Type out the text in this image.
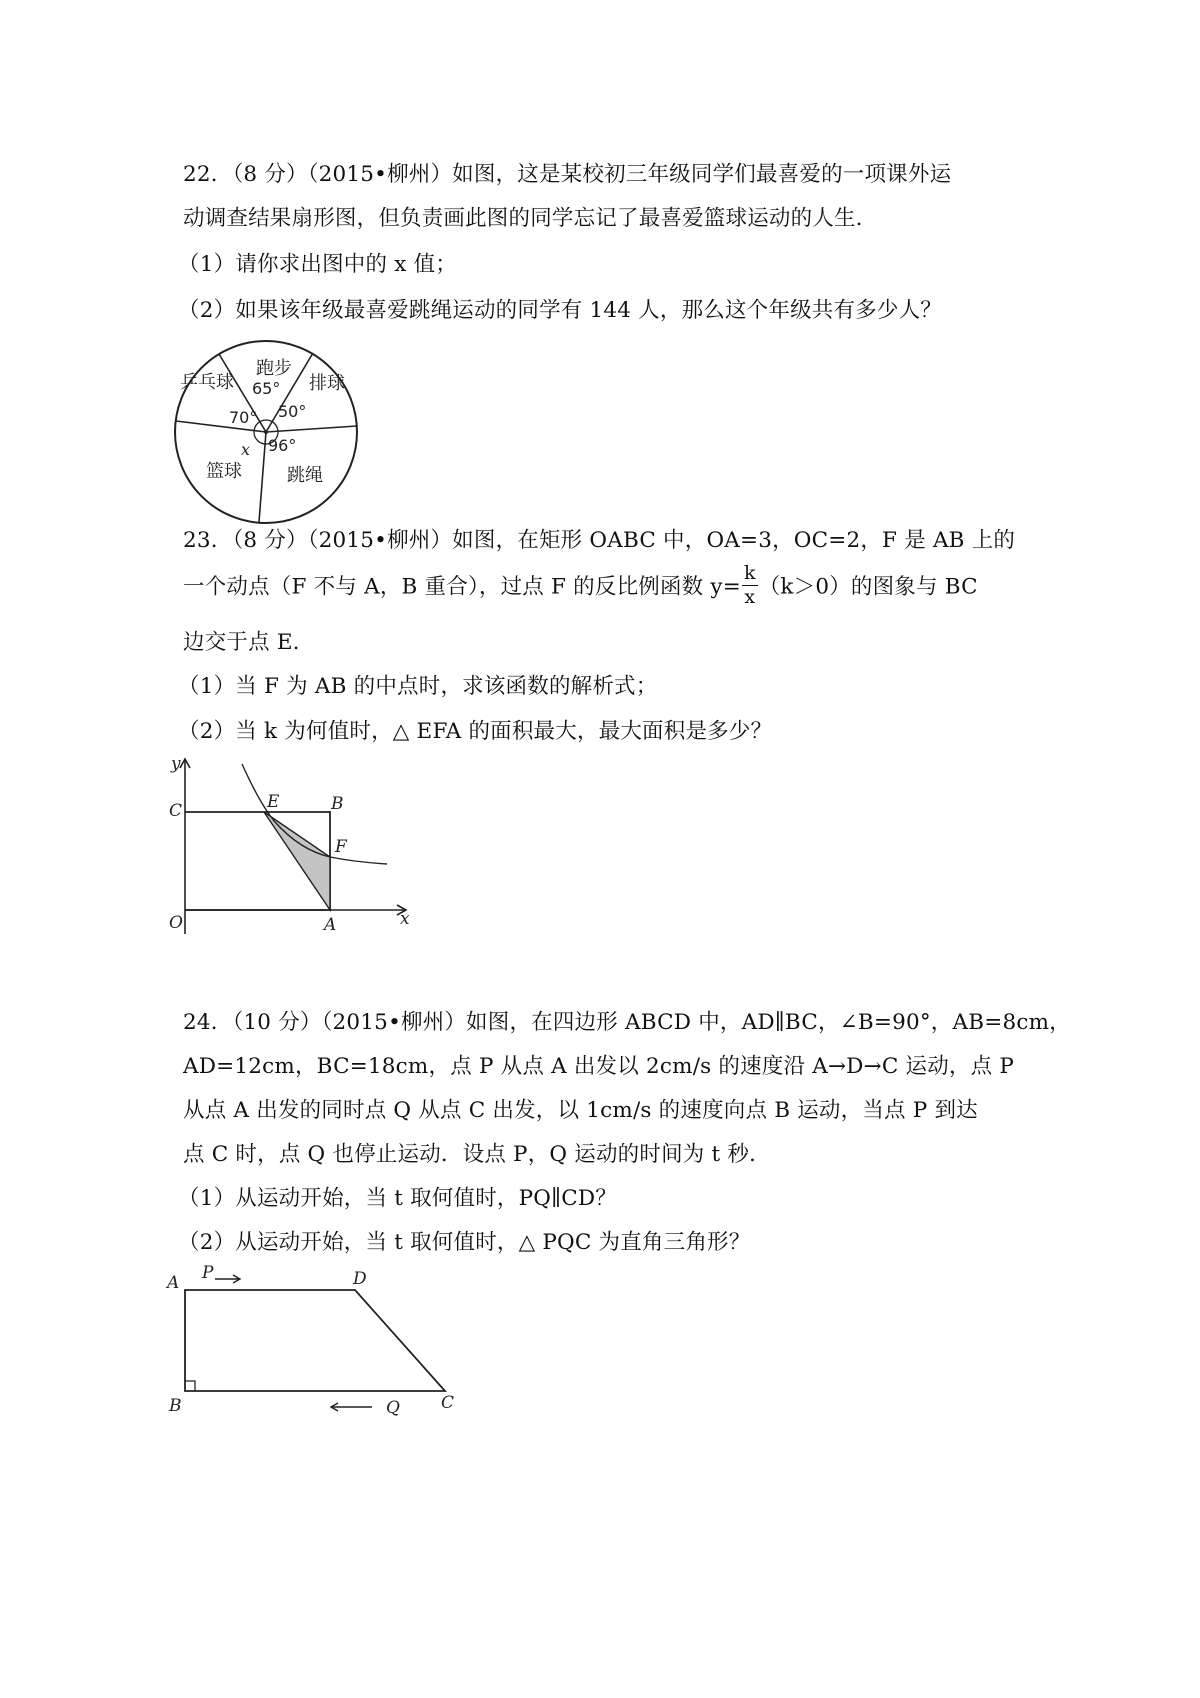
22．（8 分）（2015•柳州）如图，这是某校初三年级同学们最喜爱的一项课外运
动调查结果扇形图，但负责画此图的同学忘记了最喜爱篮球运动的人生．
（1）请你求出图中的 x 值；
（2）如果该年级最喜爱跳绳运动的同学有 144 人，那么这个年级共有多少人？
跑步
排球
跳绳
篮球
乒乓球 65°
50°
96°
x
70°
23．（8 分）（2015•柳州）如图，在矩形 OABC 中，OA=3，OC=2，F 是 AB 上的
一个动点（F 不与 A，B 重合），过点 F 的反比例函数 $y= \frac{k}{x} (k>0)$的图象与 BC
边交于点 E．
（1）当 F 为 AB 的中点时，求该函数的解析式；
（2）当 k 为何值时，△ EFA 的面积最大，最大面积是多少？
y
x
O	A
B
C	E
F
24．（10 分）（2015•柳州）如图，在四边形 ABCD 中，AD∥BC，∠B=90°，AB=8cm，
AD=12cm，BC=18cm，点 P 从点 A 出发以 2cm/s 的速度沿 A→D→C 运动，点 P
从点 A 出发的同时点 Q 从点 C 出发，以 1cm/s 的速度向点 B 运动，当点 P 到达
点 C 时，点 Q 也停止运动．设点 P，Q 运动的时间为 t 秒．
（1）从运动开始，当 t 取何值时，PQ∥CD？
（2）从运动开始，当 t 取何值时，△ PQC 为直角三角形？
A P	D
B	Q C
